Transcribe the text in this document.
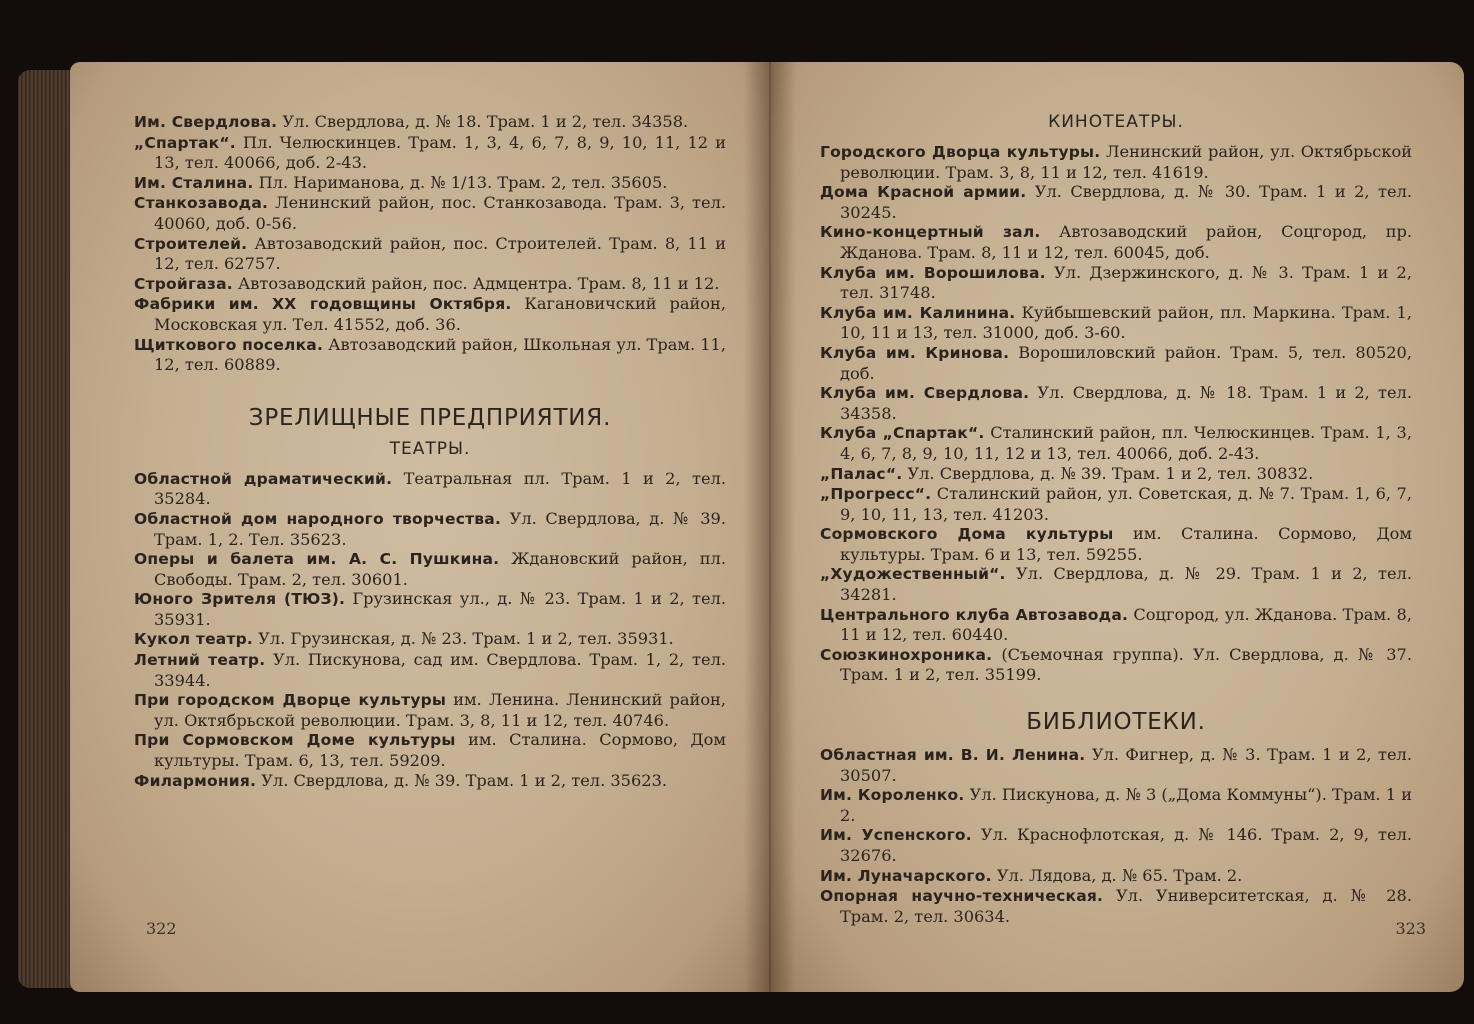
Им. Свердлова. Ул. Свердлова, д. № 18. Трам. 1 и 2, тел. 34358.
„Спартак“. Пл. Челюскинцев. Трам. 1, 3, 4, 6, 7, 8, 9, 10, 11, 12 и 13, тел. 40066, доб. 2-43.
Им. Сталина. Пл. Нариманова, д. № 1/13. Трам. 2, тел. 35605.
Станкозавода. Ленинский район, пос. Станкозавода. Трам. 3, тел. 40060, доб. 0-56.
Строителей. Автозаводский район, пос. Строителей. Трам. 8, 11 и 12, тел. 62757.
Стройгаза. Автозаводский район, пос. Адмцентра. Трам. 8, 11 и 12.
Фабрики им. XX годовщины Октября. Кагановичский район, Московская ул. Тел. 41552, доб. 36.
Щиткового поселка. Автозаводский район, Школьная ул. Трам. 11, 12, тел. 60889.
ЗРЕЛИЩНЫЕ ПРЕДПРИЯТИЯ.
ТЕАТРЫ.
Областной драматический. Театральная пл. Трам. 1 и 2, тел. 35284.
Областной дом народного творчества. Ул. Свердлова, д. № 39. Трам. 1, 2. Тел. 35623.
Оперы и балета им. А. С. Пушкина. Ждановский район, пл. Свободы. Трам. 2, тел. 30601.
Юного Зрителя (ТЮЗ). Грузинская ул., д. № 23. Трам. 1 и 2, тел. 35931.
Кукол театр. Ул. Грузинская, д. № 23. Трам. 1 и 2, тел. 35931.
Летний театр. Ул. Пискунова, сад им. Свердлова. Трам. 1, 2, тел. 33944.
При городском Дворце культуры им. Ленина. Ленинский район, ул. Октябрьской революции. Трам. 3, 8, 11 и 12, тел. 40746.
При Сормовском Доме культуры им. Сталина. Сормово, Дом культуры. Трам. 6, 13, тел. 59209.
Филармония. Ул. Свердлова, д. № 39. Трам. 1 и 2, тел. 35623.
322
КИНОТЕАТРЫ.
Городского Дворца культуры. Ленинский район, ул. Октябрьской революции. Трам. 3, 8, 11 и 12, тел. 41619.
Дома Красной армии. Ул. Свердлова, д. № 30. Трам. 1 и 2, тел. 30245.
Кино-концертный зал. Автозаводский район, Соцгород, пр. Жданова. Трам. 8, 11 и 12, тел. 60045, доб.
Клуба им. Ворошилова. Ул. Дзержинского, д. № 3. Трам. 1 и 2, тел. 31748.
Клуба им. Калинина. Куйбышевский район, пл. Маркина. Трам. 1, 10, 11 и 13, тел. 31000, доб. 3-60.
Клуба им. Кринова. Ворошиловский район. Трам. 5, тел. 80520, доб.
Клуба им. Свердлова. Ул. Свердлова, д. № 18. Трам. 1 и 2, тел. 34358.
Клуба „Спартак“. Сталинский район, пл. Челюскинцев. Трам. 1, 3, 4, 6, 7, 8, 9, 10, 11, 12 и 13, тел. 40066, доб. 2-43.
„Палас“. Ул. Свердлова, д. № 39. Трам. 1 и 2, тел. 30832.
„Прогресс“. Сталинский район, ул. Советская, д. № 7. Трам. 1, 6, 7, 9, 10, 11, 13, тел. 41203.
Сормовского Дома культуры им. Сталина. Сормово, Дом культуры. Трам. 6 и 13, тел. 59255.
„Художественный“. Ул. Свердлова, д. № 29. Трам. 1 и 2, тел. 34281.
Центрального клуба Автозавода. Соцгород, ул. Жданова. Трам. 8, 11 и 12, тел. 60440.
Союзкинохроника. (Съемочная группа). Ул. Свердлова, д. № 37. Трам. 1 и 2, тел. 35199.
БИБЛИОТЕКИ.
Областная им. В. И. Ленина. Ул. Фигнер, д. № 3. Трам. 1 и 2, тел. 30507.
Им. Короленко. Ул. Пискунова, д. № 3 („Дома Коммуны“). Трам. 1 и 2.
Им. Успенского. Ул. Краснофлотская, д. № 146. Трам. 2, 9, тел. 32676.
Им. Луначарского. Ул. Лядова, д. № 65. Трам. 2.
Опорная научно-техническая. Ул. Университетская, д. № 28. Трам. 2, тел. 30634.
323
